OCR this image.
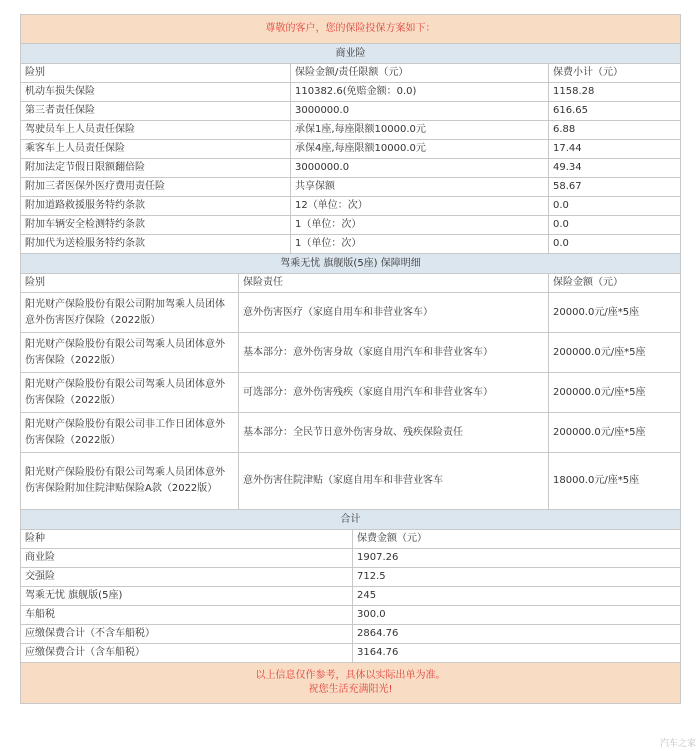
尊敬的客户，您的保险投保方案如下：				
商业险				
险别		保险金额/责任限额（元）		保费小计（元）
机动车损失保险		110382.6(免赔金额：0.0)		1158.28
第三者责任保险		3000000.0		616.65
驾驶员车上人员责任保险		承保1座,每座限额10000.0元		6.88
乘客车上人员责任保险		承保4座,每座限额10000.0元		17.44
附加法定节假日限额翻倍险		3000000.0		49.34
附加三者医保外医疗费用责任险		共享保额		58.67
附加道路救援服务特约条款		12（单位：次）		0.0
附加车辆安全检测特约条款		1（单位：次）		0.0
附加代为送检服务特约条款		1（单位：次）		0.0
驾乘无忧 旗舰版(5座) 保障明细				
险别	保险责任			保险金额（元）
阳光财产保险股份有限公司附加驾乘人员团体意外伤害医疗保险（2022版）	意外伤害医疗（家庭自用车和非营业客车）			20000.0元/座*5座
阳光财产保险股份有限公司驾乘人员团体意外伤害保险（2022版）	基本部分：意外伤害身故（家庭自用汽车和非营业客车）			200000.0元/座*5座
阳光财产保险股份有限公司驾乘人员团体意外伤害保险（2022版）	可选部分：意外伤害残疾（家庭自用汽车和非营业客车）			200000.0元/座*5座
阳光财产保险股份有限公司非工作日团体意外伤害保险（2022版）	基本部分：全民节日意外伤害身故、残疾保险责任			200000.0元/座*5座
阳光财产保险股份有限公司驾乘人员团体意外伤害保险附加住院津贴保险A款（2022版）	意外伤害住院津贴（家庭自用车和非营业客车			18000.0元/座*5座
合计				
险种			保费金额（元）	
商业险			1907.26	
交强险			712.5	
驾乘无忧 旗舰版(5座)			245	
车船税			300.0	
应缴保费合计（不含车船税）			2864.76	
应缴保费合计（含车船税）			3164.76	

以上信息仅作参考，具体以实际出单为准。
祝您生活充满阳光!				
汽车之家
